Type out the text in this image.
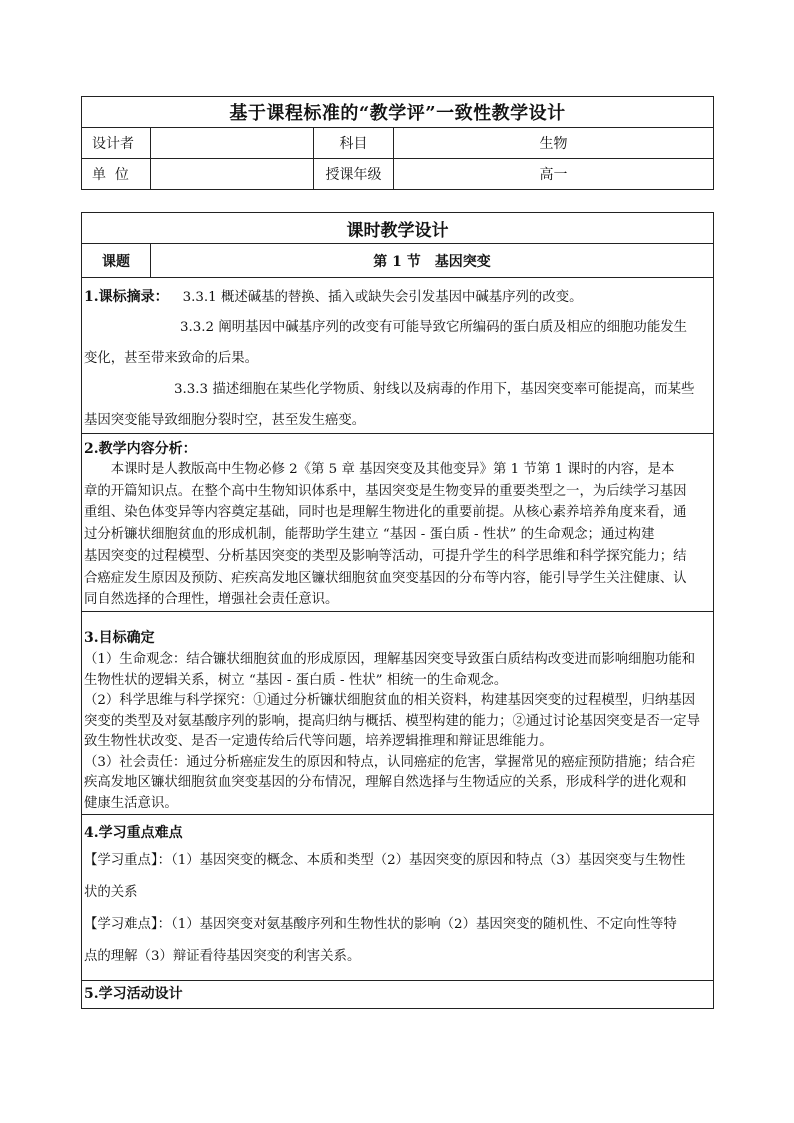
基于课程标准的“教学评”一致性教学设计			
设计者		科目	生物
单  位		授课年级	高一
课时教学设计
课题	第 1 节　基因突变

1.课标摘录： 3.3.1 概述碱基的替换、插入或缺失会引发基因中碱基序列的改变。
3.3.2 阐明基因中碱基序列的改变有可能导致它所编码的蛋白质及相应的细胞功能发生
变化，甚至带来致命的后果。
3.3.3 描述细胞在某些化学物质、射线以及病毒的作用下，基因突变率可能提高，而某些
基因突变能导致细胞分裂时空，甚至发生癌变。

2.教学内容分析：
　　本课时是人教版高中生物必修 2《第 5 章 基因突变及其他变异》第 1 节第 1 课时的内容，是本
章的开篇知识点。在整个高中生物知识体系中，基因突变是生物变异的重要类型之一，为后续学习基因
重组、染色体变异等内容奠定基础，同时也是理解生物进化的重要前提。从核心素养培养角度来看，通
过分析镰状细胞贫血的形成机制，能帮助学生建立 “基因 - 蛋白质 - 性状” 的生命观念；通过构建
基因突变的过程模型、分析基因突变的类型及影响等活动，可提升学生的科学思维和科学探究能力；结
合癌症发生原因及预防、疟疾高发地区镰状细胞贫血突变基因的分布等内容，能引导学生关注健康、认
同自然选择的合理性，增强社会责任意识。

3.目标确定
（1）生命观念：结合镰状细胞贫血的形成原因，理解基因突变导致蛋白质结构改变进而影响细胞功能和
生物性状的逻辑关系，树立 “基因 - 蛋白质 - 性状” 相统一的生命观念。
（2）科学思维与科学探究：①通过分析镰状细胞贫血的相关资料，构建基因突变的过程模型，归纳基因
突变的类型及对氨基酸序列的影响，提高归纳与概括、模型构建的能力；②通过讨论基因突变是否一定导
致生物性状改变、是否一定遗传给后代等问题，培养逻辑推理和辩证思维能力。
（3）社会责任：通过分析癌症发生的原因和特点，认同癌症的危害，掌握常见的癌症预防措施；结合疟
疾高发地区镰状细胞贫血突变基因的分布情况，理解自然选择与生物适应的关系，形成科学的进化观和
健康生活意识。

4.学习重点难点
【学习重点】：（1）基因突变的概念、本质和类型（2）基因突变的原因和特点（3）基因突变与生物性
状的关系
【学习难点】：（1）基因突变对氨基酸序列和生物性状的影响（2）基因突变的随机性、不定向性等特
点的理解（3）辩证看待基因突变的利害关系。

5.学习活动设计
